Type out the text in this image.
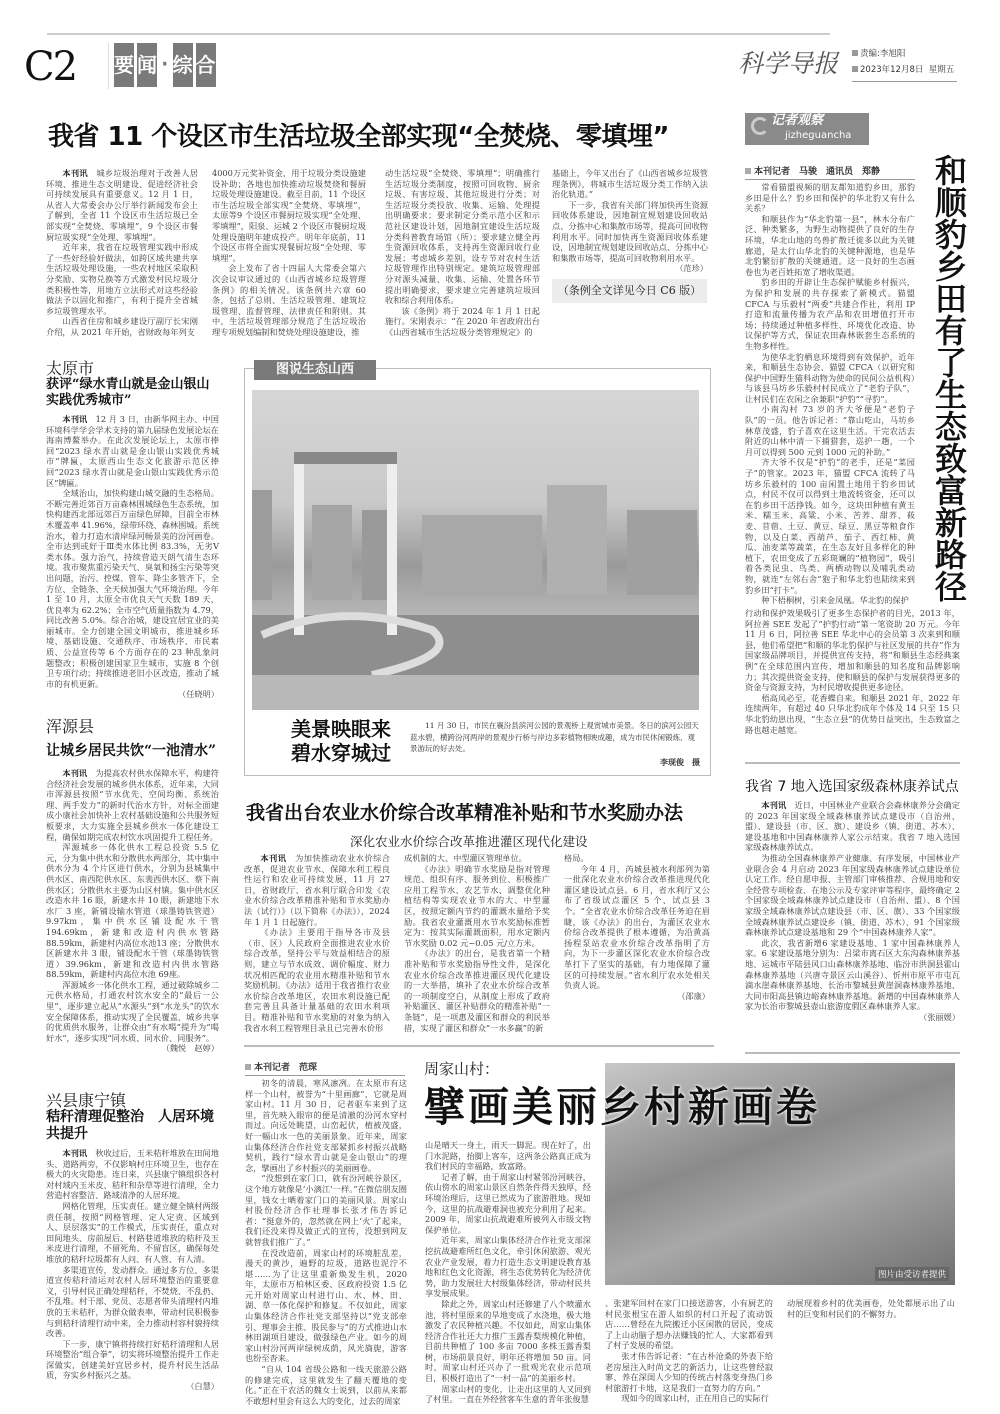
C2 要 闻 · 综 合	科学导报	责编:李旭阳
2023年12月8日 星期五
我省 11 个设区市生活垃圾全部实现“全焚烧、零填埋”

本刊讯　城乡垃圾治理对于改善人居环境、推进生态文明建设、促进经济社会可持续发展具有重要意义。12 月 1 日，从省人大常委会办公厅举行新闻发布会上了解到，全省 11 个设区市生活垃圾已全部实现“全焚烧、零填埋”，9 个设区市餐厨垃圾实现“全处理、零填埋”。

近年来，我省在垃圾管理实践中形成了一些好经验好做法，如跨区域共建共享生活垃圾处理设施，一些农村地区采取积分奖励、实物兑换等方式激发村民垃圾分类积极性等，用地方立法形式对这些经验做法予以固化和推广，有利于提升全省城乡垃圾管理水平。

山西省住房和城乡建设厅副厅长宋刚介绍，从 2021 年开始，省财政每年列支

4000万元奖补资金，用于垃圾分类设施建设补助；各地也加快推动垃圾焚烧和餐厨垃圾处理设施建设。截至目前，11 个设区市生活垃圾全部实现“全焚烧、零填埋”，太原等9 个设区市餐厨垃圾实现“全处理、零填埋”，阳泉、运城 2 个设区市餐厨垃圾处理设施明年建成投产。明年年底前，11 个设区市将全面实现餐厨垃圾“全处理、零填埋”。

会上发布了省十四届人大常委会第六次会议审议通过的《山西省城乡垃圾管理条例》的相关情况。该条例共六章 60 条，包括了总则、生活垃圾管理、建筑垃圾管理、监督管理、法律责任和附则。其中，生活垃圾管理部分规范了生活垃圾治理专项规划编制和焚烧处理设施建设，推

动生活垃圾“全焚烧、零填埋”；明确推行生活垃圾分类制度，按照可回收物、厨余垃圾、有害垃圾、其他垃圾进行分类；对生活垃圾分类投放、收集、运输、处理提出明确要求；要求制定分类示范小区和示范社区建设计划，因地制宜建设生活垃圾分类科普教育场馆（所）；要求建立健全再生资源回收体系，支持再生资源回收行业发展；考虑城乡差别，设专节对农村生活垃圾管理作出特别规定。建筑垃圾管理部分对源头减量、收集、运输、处置各环节提出明确要求，要求建立完善建筑垃圾回收和综合利用体系。

该《条例》将于 2024 年 1 月 1 日起施行。宋刚表示：“在 2020 年省政府出台《山西省城市生活垃圾分类管理规定》的

基础上，今年又出台了《山西省城乡垃圾管理条例》，将城市生活垃圾分类工作纳入法治化轨道。”

下一步，我省有关部门将加快再生资源回收体系建设，因地制宜规划建设回收站点、分拣中心和集散市场等，提高可回收物利用水平。同时加快再生资源回收体系建设，因地制宜规划建设回收站点、分拣中心和集散市场等，提高可回收物利用水平。

（范珍）
（条例全文详见今日 C6 版）
记者观察
jizheguancha
本刊记者　马骏　通讯员　郑静	和顺豹乡田有了生态致富新路径

常看猫盟视频的朋友都知道豹乡田，那豹乡田是什么？豹乡田和保护的华北豹又有什么关系？

和顺县作为“华北豹第一县”，林木分布广泛、种类繁多，为野生动物提供了良好的生存环境，华北山地的鸟兽扩散迁徙多以此为关键廊道，是太行山华北豹的关键种源地，也是华北豹繁衍扩散的关键通道。这一良好的生态画卷也为老百姓拓宽了增收渠道。

豹乡田的开辟让生态保护赋能乡村振兴，为保护和发展的共存探索了新模式。猫盟CFCA 与乐毅村“两委”共建合作社，利用 IP 打造和流量传播为农产品和农田增值打开市场；持续通过种植多样性、环境优化改造、协议保护等方式，保证农田森林嵌套生态系统的生物多样性。

为使华北豹栖息环境得到有效保护，近年来，和顺县生态协会、猫盟 CFCA（以研究和保护中国野生猫科动物为使命的民间公益机构）与该县马坊乡乐毅村村民成立了“老豹子队”，让村民们在农闲之余兼职“护豹”“寻豹”。

小南沟村 73 岁的齐大爷便是“老豹子队”的一员。他告诉记者：“靠山吃山，马坊乡林草茂盛，豹子喜欢在这里生活。干完农活去附近的山林中清一下捕猎套，巡护一趟，一个月可以得到 500 元到 1000 元的补助。”

齐大爷不仅是“护豹”的老手，还是“菜园子”的管家。2023 年，猫盟 CFCA 流转了马坊乡乐毅村的 100 亩闲置土地用于豹乡田试点，村民不仅可以得到土地流转资金，还可以在豹乡田干活挣钱。如今，这块田种植有黄玉米、糯玉米、高粱、小米、苦荞、甜荞、莜麦、苜蓿、土豆、黄豆、绿豆、黑豆等粮食作物，以及白菜、西葫芦、茄子、西红柿、黄瓜、油麦菜等蔬菜，在生态友好且多样化的种植下，农田变成了五彩斑斓的“植物园”，吸引着各类昆虫、鸟类、两栖动物以及哺乳类动物，就连“左邻右舍”狍子和华北豹也陆续来到豹乡田“打卡”。

种下梧桐树，引来金凤凰。华北豹的保护

行动和保护效果吸引了更多生态保护者的目光，2013 年，阿拉善 SEE 发起了“护豹行动”第一笔资助 20 万元。今年 11 月 6 日，阿拉善 SEE 华北中心的会员第 3 次来到和顺县，他们希望把“和顺的华北豹保护与社区发展的共存”作为国家级品牌项目，并提供宣传支持，将“和顺县生态经典案例”在全球范围内宣传，增加和顺县的知名度和品牌影响力；其次提供资金支持，使和顺县的保护与发展获得更多的资金与资源支持，为村民增收提供更多途径。

梧高凤必至，花香蝶自来。和顺县 2021 年、2022 年连续两年，有超过 40 只华北豹成年个体及 14 只至 15 只华北豹幼崽出现，“生态立县”的优势日益突出，生态致富之路也越走越宽。

我省 7 地入选国家级森林康养试点

本刊讯　近日，中国林业产业联合会森林康养分会确定的 2023 年国家级全域森林康养试点建设市（自治州、盟）、建设县（市、区、旗）、建设乡（镇、街道、苏木）、建设基地和中国森林康养人家公示结束。我省 7 地入选国家级森林康养试点。

为推动全国森林康养产业健康、有序发展，中国林业产业联合会 4 月启动 2023 年国家级森林康养试点建设单位认定工作。经自愿申报、主管部门审核推荐、合规用地和安全经营专项检查、在地公示及专家评审等程序，最终确定 2 个国家级全域森林康养试点建设市（自治州、盟）、8 个国家级全域森林康养试点建设县（市、区、旗）、33 个国家级全域森林康养试点建设乡（镇、街道、苏木）、91 个国家级森林康养试点建设基地和 29 个“中国森林康养人家”。

此次，我省新增6 家建设基地、1 家中国森林康养人家。6 家建设基地分别为：吕梁市离石区大东沟森林康养基地、运城市平陆县风口山森林康养基地、临汾市洪洞县霍山森林康养基地（兴唐寺景区云山溪谷）、忻州市原平市屯瓦滴水崖森林康养基地、长治市黎城县黄崖洞森林康养基地、大同市阳高县镇边峪森林康养基地。新增的中国森林康养人家为长治市黎城县壶山旅游度假区森林康养人家。

（张丽媛）
太原市
获评“绿水青山就是金山银山实践优秀城市”

本刊讯　12 月 3 日，由新华网主办、中国环境科学学会学术支持的第九届绿色发展论坛在海南博鳌举办。在此次发展论坛上，太原市捧回“2023 绿水青山就是金山银山实践优秀城市”牌匾，太原西山生态文化旅游示范区捧回“2023 绿水青山就是金山银山实践优秀示范区”牌匾。

全域治山，加快构建山城交融的生态格局。不断完善近郊百万亩森林围城绿色生态系统，加快构建西北部远郊百万亩绿色屏障，目前全市林木覆盖率 41.96%，绿带环绕、森林围城。系统治水，着力打造水清岸绿河畅景美的汾河画卷。全市达到或好于Ⅲ类水体比例 83.3%，无劣Ⅴ类水体。强力治气，持续营造天朗气清生态环境。我市聚焦重污染天气、臭氧和扬尘污染等突出问题，治污、控煤、管车、降尘多管齐下，全方位、全链条、全天候加强大气环境治理。今年 1 至 10 月，太原全市优良天气天数 189 天，优良率为 62.2%；全市空气质量指数为 4.79，同比改善 5.0%。综合治城，建设宜居宜业的美丽城市。全力创建全国文明城市，推进城乡环境、基础设施、交通秩序、市场秩序、市民素质、公益宣传等 6 个方面存在的 23 种乱象问题整改；积极创建国家卫生城市，实施 8 个创卫专项行动；持续推进老旧小区改造，推动了城市的有机更新。

（任晓明）
浑源县
让城乡居民共饮“一池清水”

本刊讯　为提高农村供水保障水平，构建符合经济社会发展的城乡供水体系，近年来，大同市浑源县按照“节水优先、空间均衡、系统治理、两手发力”的新时代治水方针，对标全面建成小康社会加快补上农村基础设施和公共服务短板要求，大力实施全县城乡供水一体化建设工程，确保如期完成农村饮水巩固提升工程任务。

浑源城乡一体化供水工程总投资 5.5 亿元，分为集中供水和分散供水两部分，其中集中供水分为 4 个片区进行供水，分别为县城集中供水区、南西陀供水区、东裴西供水区、蔡下南供水区；分散供水主要为山区村镇。集中供水区改造水井 16 眼，新建水井 10 眼，新建地下水水厂 3 座，新铺设输水管道（球墨铸铁管道）9.97km，集中供水区铺设配水干管 194.69km，新建和改造村内供水管路 88.59km，新建村内高位水池13 座；分散供水区新建水井 3 眼，铺设配水干管（球墨铸铁管道）39.96km，新建和改造村内供水管路 88.59km，新建村内高位水池 69座。

浑源城乡一体化供水工程，通过破除城乡二元供水格局，打通农村饮水安全的“最后一公里”，逐步建立起从“水源头”到“水龙头”的饮水安全保障体系，推动实现了全民覆盖、城乡共享的优质供水服务，让群众由“有水喝”提升为“喝好水”，逐步实现“同水质、同水价、同服务”。

（魏悦　赵婷）
兴县康宁镇
秸秆清理促整治　人居环境共提升

本刊讯　秋收过后，玉米秸秆堆放在田间地头、道路两旁，不仅影响村庄环境卫生，也存在极大的火灾隐患。连日来，兴县康宁镇组织各村对村域内玉米皮、秸秆和杂草等进行清理，全力营造村容整洁、路域清净的人居环境。

网格化管理，压实责任。建立健全镇村两级责任制，按照“网格管理、定人定责、区域到人、层层落实”的工作模式，压实责任，重点对田间地头、房前屋后、村路巷道堆放的秸秆及玉米皮进行清理，不留死角、不留盲区，确保每处堆放的秸秆垃圾都有人问、有人管、有人清。

多渠道宣传，发动群众。通过多方位、多渠道宣传秸秆清运对农村人居环境整治的重要意义，引导村民正确处理秸秆，不焚烧、不乱扔、不乱堆。村干部、党员、志愿者带头清理村内堆放的玉米秸秆，为群众做表率，带动村民积极参与到秸秆清理行动中来，全力推动村容村貌持续改善。

下一步，康宁镇将持续打好秸秆清理和人居环境整治“组合拳”，切实将环境整治提升工作走深做实，创建美好宜居乡村，提升村民生活品质，夯实乡村振兴之基。

（白慧）
图说生态山西
美景映眼来
碧水穿城过
11 月 30 日，市民在襄汾县滨河公园的景观桥上观赏城市美景。冬日的滨河公园天蓝水碧，横跨汾河两岸的景观步行桥与岸边多彩植物相映成趣，成为市民休闲锻炼、观景游玩的好去处。
李现俊　摄
我省出台农业水价综合改革精准补贴和节水奖励办法
深化农业水价综合改革推进灌区现代化建设

本刊讯　为加快推动农业水价综合改革，促进农业节水、保障水利工程良性运行和农业可持续发展，11 月 27 日，省财政厅、省水利厅联合印发《农业水价综合改革精准补贴和节水奖励办法（试行）》（以下简称《办法》），2024 年 1 月 1 日起施行。

《办法》主要用于指导各市及县（市、区）人民政府全面推进农业水价综合改革，坚持公平与效益相结合的原则，建立与节水成效、调价幅度、财力状况相匹配的农业用水精准补贴和节水奖励机制。《办法》适用于我省推行农业水价综合改革地区，农田水利设施已配套完善且具备计量基础的农田水利项目。精准补贴和节水奖励的对象为纳入我省水利工程管理目录且已完善水价形

成机制的大、中型灌区管理单位。

《办法》明确节水奖励是指对管理规范、组织有序、服务到位、积极推广应用工程节水、农艺节水、调整优化种植结构等实现农业节水的大、中型灌区，按照定额内节约的灌溉水量给予奖励。我省农业灌溉用水节水奖励标准暂定为：按其实际灌溉面积，用水定额内节水奖励 0.02 元~0.05 元/立方米。

《办法》的出台，是我省第一个精准补贴和节水奖励指导性文件，是深化农业水价综合改革推进灌区现代化建设的一大举措，填补了农业水价综合改革的一项制度空白，从制度上形成了政府补贴灌区、灌区补贴群众的精准补贴“一条链”，是一项惠及灌区和群众的利民举措，实现了灌区和群众“一水多赢”的新

格局。

今年 4 月，芮城县被水利部列为第一批深化农业水价综合改革推进现代化灌区建设试点县。6 月，省水利厅又公布了省级试点灌区 5 个、试点县 3 个。“全省农业水价综合改革任务迫在眉睫，该《办法》的出台，为灌区农业水价综合改革提供了根本遵循，为沿黄高扬程泵站农业水价综合改革指明了方向，为下一步灌区深化农业水价综合改革打下了坚实的基础，有力地保障了灌区的可持续发展。”省水利厅农水处相关负责人说。

（邵康）
本刊记者　范琛
图片由受访者提供
周家山村：
擘画美丽乡村新画卷

初冬的清晨，寒风凛冽。在太原市有这样一个山村，被誉为“十里画廊”，它就是周家山村。11 月 30 日，记者驱车来到了这里，首先映入眼帘的便是清澈的汾河水穿村而过。向远处眺望，山峦起伏，植被茂盛，好一幅山水一色的美丽景象。近年来，周家山集体经济合作社党支部紧抓乡村振兴战略契机，践行“绿水青山就是金山银山”的理念，擘画出了乡村振兴的美丽画卷。

“没想到在家门口，就有汾河峡谷景区，这个地方就像是‘小漓江’一样。”在微信朋友圈里，钱女士晒着家门口的美丽风景。周家山村股份经济合作社理事长张才伟告诉记者：“挺意外的，忽然就在网上‘火’了起来，我们还没来得及做正式的宣传，没想到网友就替我们推广了。”

在没改造前，周家山村的环境脏乱差，漫天的黄沙，遍野的垃圾，道路也泥泞不堪……为了让这里重新焕发生机，2020 年，太原市万柏林区委、区政府投资 1.5 亿元开始对周家山村进行山、水、林、田、湖、草一体化保护和修复。不仅如此，周家山集体经济合作社党支部坚持以“党支部牵引、理事会主推、股民参与”的方式推进山水林田湖项目建设，做强绿色产业。如今的周家山村汾河两岸绿树成荫，风光旖旎，游客也纷至沓来。

“自从 104 省级公路和一线天旅游公路的修建完成，这里就发生了翻天覆地的变化。”正在干农活的魏女士说到，以前从来都不敢想村里会有这么大的变化，过去的周家

山是晴天一身土，雨天一脚泥。现在好了，出门水泥路，抬脚上客车，这两条公路真正成为我们村民的幸福路，致富路。

记者了解，由于周家山村紧邻汾河峡谷，依山傍水的周家山景区自然条件得天独厚，经环境治理后，这里已然成为了旅游胜地。现如今，这里的抗战避难洞也被充分利用了起来。2009 年，周家山抗战避难所被列入市级文物保护单位。

近年来，周家山集体经济合作社党支部深挖抗战避难所红色文化，牵引休闲旅游、观光农业产业发展，着力打造生态文明建设教育基地和红色文化资源，将生态优势转化为经济优势，助力发展壮大村级集体经济，带动村民共享发展成果。

除此之外，周家山村还修建了八个喷灌水池，将村里原来的旱地变成了水浇地，极大地激发了农民种植兴趣。不仅如此，周家山集体经济合作社还大力推广玉露香梨规模化种植，目前共种植了 100 多亩 7000 多株玉露香梨树，市场前景良好，明年还将增加 50 亩。同时，周家山村还兴办了一批观光农业示范项目，积极打造出了“一村一品”的美丽乡村。

周家山村的变化，让走出这里的人又回到了村里。一直在外经营客车生意的青年张俊慧

、张建军回村在家门口接送游客，小有厨艺的村民张根宝在游人如织的村口开起了流动饭店……曾经在九院搬迁小区闲散的居民，变成了上山动脑子想办法赚钱的忙人，大家都看到了村子发展的希望。

张才伟告诉记者：“在古朴沧桑的外表下给老房屋注入时尚文艺的新活力，让这些曾经寂寥、养在深闺人少知的传统古村落变身热门乡村旅游打卡地，这是我们一直努力的方向。”

现如今的周家山村，正在用自己的实际行

动展现着乡村的优美画卷，处处都展示出了山村的巨变和村民们的不懈努力。
